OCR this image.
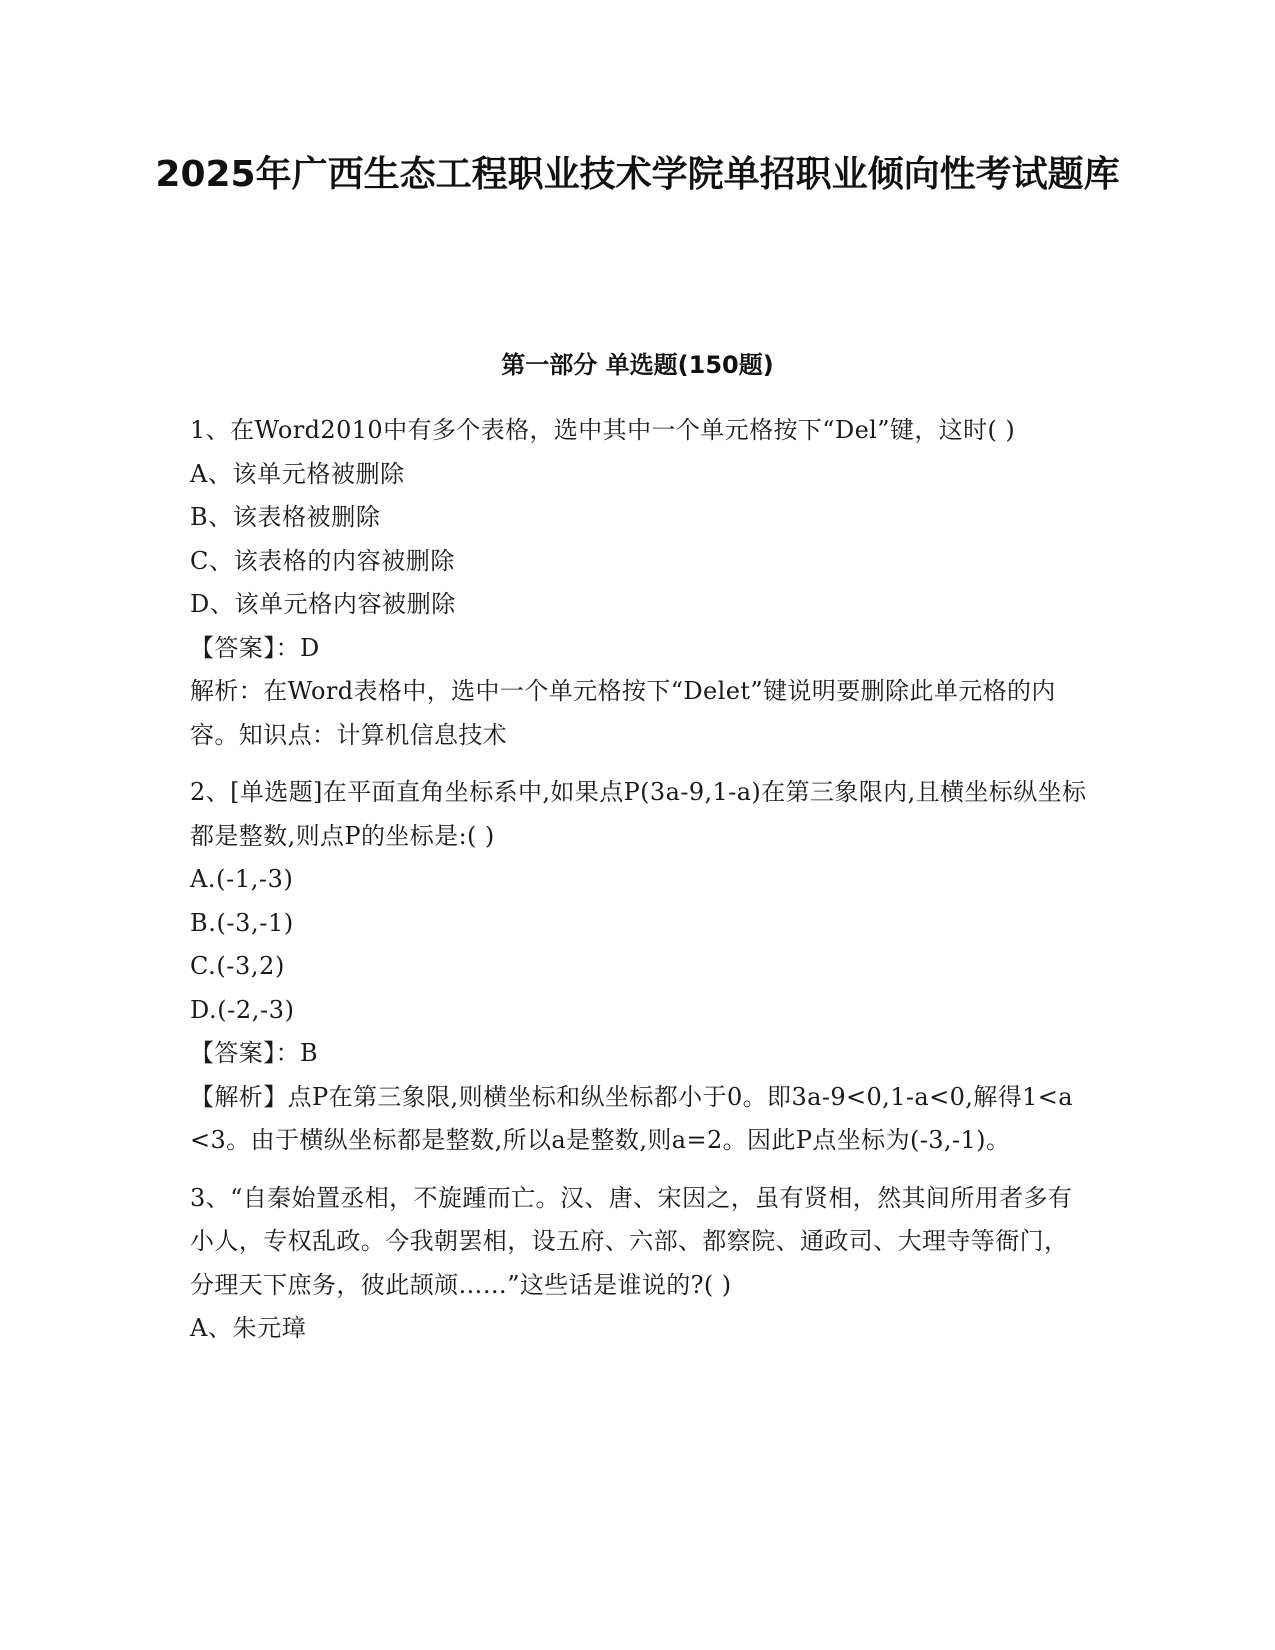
2025年广西生态工程职业技术学院单招职业倾向性考试题库
第一部分 单选题(150题)
1、在Word2010中有多个表格，选中其中一个单元格按下“Del”键，这时( )
A、该单元格被删除
B、该表格被删除
C、该表格的内容被删除
D、该单元格内容被删除
【答案】：D
解析：在Word表格中，选中一个单元格按下“Delet”键说明要删除此单元格的内容。知识点：计算机信息技术
2、[单选题]在平面直角坐标系中,如果点P(3a-9,1-a)在第三象限内,且横坐标纵坐标都是整数,则点P的坐标是:( )
A.(-1,-3)
B.(-3,-1)
C.(-3,2)
D.(-2,-3)
【答案】：B
【解析】点P在第三象限,则横坐标和纵坐标都小于0。即3a-9<0,1-a<0,解得1<a<3。由于横纵坐标都是整数,所以a是整数,则a=2。因此P点坐标为(-3,-1)。
3、“自秦始置丞相，不旋踵而亡。汉、唐、宋因之，虽有贤相，然其间所用者多有小人，专权乱政。今我朝罢相，设五府、六部、都察院、通政司、大理寺等衙门，分理天下庶务，彼此颉颃……”这些话是谁说的?( )
A、朱元璋
